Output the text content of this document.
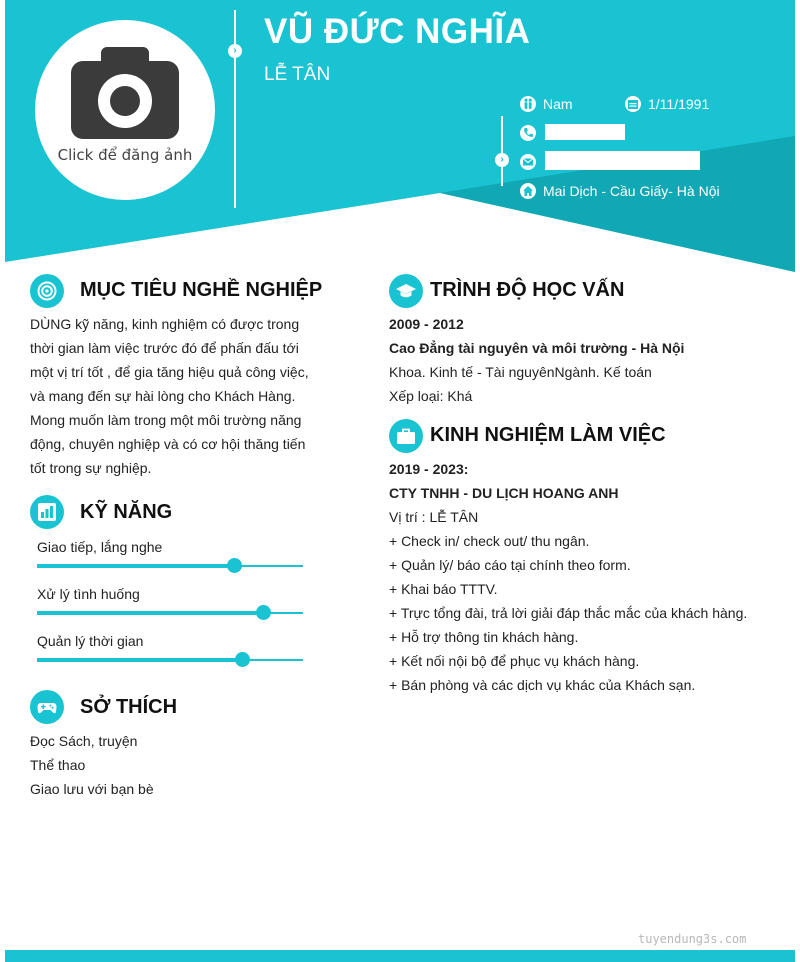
Click để đăng ảnh
› VŨ ĐỨC NGHĨA
LỄ TÂN
›
Nam	1/11/1991
Mai Dịch - Cầu Giấy- Hà Nội
MỤC TIÊU NGHỀ NGHIỆP
DÙNG kỹ năng, kinh nghiệm có được trong
thời gian làm việc trước đó để phấn đấu tới
một vị trí tốt , để gia tăng hiệu quả công việc,
và mang đến sự hài lòng cho Khách Hàng.
Mong muốn làm trong một môi trường năng
động, chuyên nghiệp và có cơ hội thăng tiến
tốt trong sự nghiệp.
KỸ NĂNG
Giao tiếp, lắng nghe
Xử lý tình huống
Quản lý thời gian
SỞ THÍCH
Đọc Sách, truyện
Thể thao
Giao lưu với bạn bè
TRÌNH ĐỘ HỌC VẤN
2009 - 2012
Cao Đẳng tài nguyên và môi trường - Hà Nội
Khoa. Kinh tế - Tài nguyênNgành. Kế toán
Xếp loại: Khá
KINH NGHIỆM LÀM VIỆC
2019 - 2023:
CTY TNHH - DU LỊCH HOANG ANH
Vị trí : LỄ TÂN
+ Check in/ check out/ thu ngân.
+ Quản lý/ báo cáo tại chính theo form.
+ Khai báo TTTV.
+ Trực tổng đài, trả lời giải đáp thắc mắc của khách hàng.
+ Hỗ trợ thông tin khách hàng.
+ Kết nối nội bộ để phục vụ khách hàng.
+ Bán phòng và các dịch vụ khác của Khách sạn.
tuyendung3s.com
